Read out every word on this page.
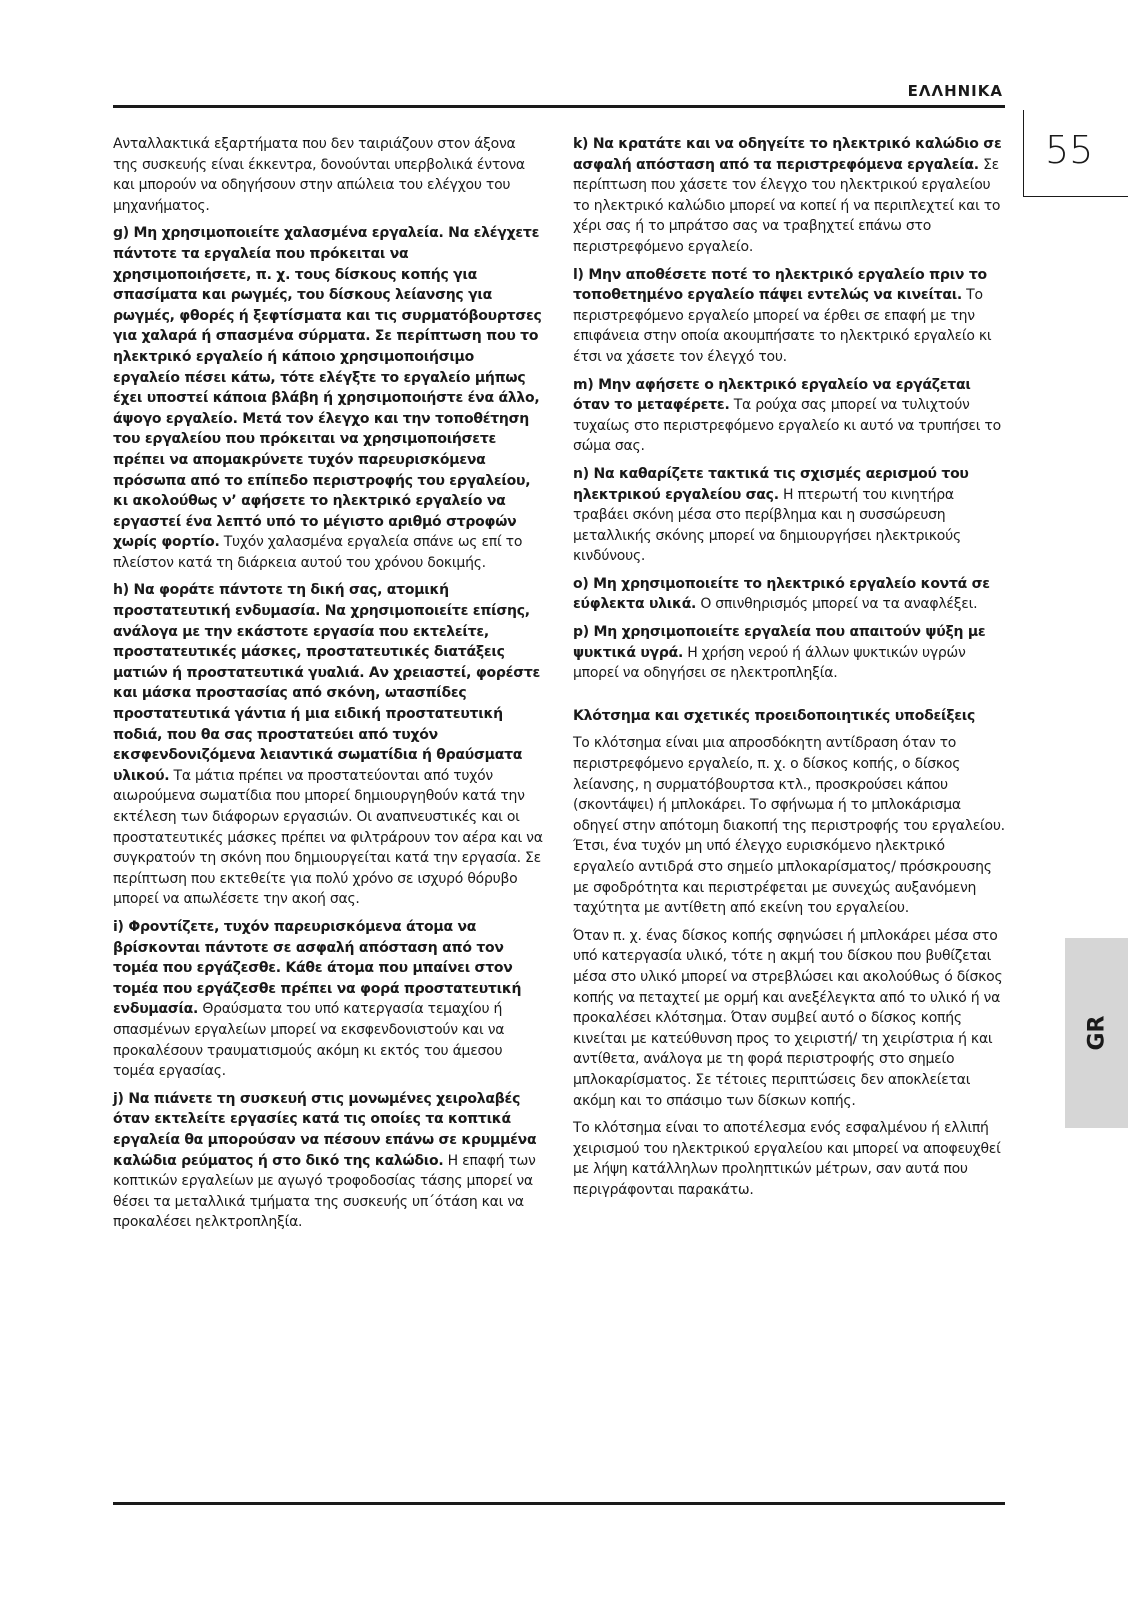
ΕΛΛΗΝΙΚΑ
55
GR

Ανταλλακτικά εξαρτήματα που δεν ταιριάζουν στον άξονα της συσκευής είναι έκκεντρα, δονούνται υπερβολικά έντονα και μπορούν να οδηγήσουν στην απώλεια του ελέγχου του μηχανήματος.

g) Μη χρησιμοποιείτε χαλασμένα εργαλεία. Να ελέγχετε πάντοτε τα εργαλεία που πρόκειται να χρησιμοποιήσετε, π. χ. τους δίσκους κοπής για σπασίματα και ρωγμές, του δίσκους λείανσης για ρωγμές, φθορές ή ξεφτίσματα και τις συρματόβουρτσες για χαλαρά ή σπασμένα σύρματα. Σε περίπτωση που το ηλεκτρικό εργαλείο ή κάποιο χρησιμοποιήσιμο εργαλείο πέσει κάτω, τότε ελέγξτε το εργαλείο μήπως έχει υποστεί κάποια βλάβη ή χρησιμοποιήστε ένα άλλο, άψογο εργαλείο. Μετά τον έλεγχο και την τοποθέτηση του εργαλείου που πρόκειται να χρησιμοποιήσετε πρέπει να απομακρύνετε τυχόν παρευρισκόμενα πρόσωπα από το επίπεδο περιστροφής του εργαλείου, κι ακολούθως ν’ αφήσετε το ηλεκτρικό εργαλείο να εργαστεί ένα λεπτό υπό το μέγιστο αριθμό στροφών χωρίς φορτίο. Τυχόν χαλασμένα εργαλεία σπάνε ως επί το πλείστον κατά τη διάρκεια αυτού του χρόνου δοκιμής.

h) Να φοράτε πάντοτε τη δική σας, ατομική προστατευτική ενδυμασία. Να χρησιμοποιείτε επίσης, ανάλογα με την εκάστοτε εργασία που εκτελείτε, προστατευτικές μάσκες, προστατευτικές διατάξεις ματιών ή προστατευτικά γυαλιά. Αν χρειαστεί, φορέστε και μάσκα προστασίας από σκόνη, ωτασπίδες προστατευτικά γάντια ή μια ειδική προστατευτική ποδιά, που θα σας προστατεύει από τυχόν εκσφενδονιζόμενα λειαντικά σωματίδια ή θραύσματα υλικού. Τα μάτια πρέπει να προστατεύονται από τυχόν αιωρούμενα σωματίδια που μπορεί δημιουργηθούν κατά την εκτέλεση των διάφορων εργασιών. Οι αναπνευστικές και οι προστατευτικές μάσκες πρέπει να φιλτράρουν τον αέρα και να συγκρατούν τη σκόνη που δημιουργείται κατά την εργασία. Σε περίπτωση που εκτεθείτε για πολύ χρόνο σε ισχυρό θόρυβο μπορεί να απωλέσετε την ακοή σας.

i) Φροντίζετε, τυχόν παρευρισκόμενα άτομα να βρίσκονται πάντοτε σε ασφαλή απόσταση από τον τομέα που εργάζεσθε. Κάθε άτομα που μπαίνει στον τομέα που εργάζεσθε πρέπει να φορά προστατευτική ενδυμασία. Θραύσματα του υπό κατεργασία τεμαχίου ή σπασμένων εργαλείων μπορεί να εκσφενδονιστούν και να προκαλέσουν τραυματισμούς ακόμη κι εκτός του άμεσου τομέα εργασίας.

j) Να πιάνετε τη συσκευή στις μονωμένες χειρολαβές όταν εκτελείτε εργασίες κατά τις οποίες τα κοπτικά εργαλεία θα μπορούσαν να πέσουν επάνω σε κρυμμένα καλώδια ρεύματος ή στο δικό της καλώδιο. Η επαφή των κοπτικών εργαλείων με αγωγό τροφοδοσίας τάσης μπορεί να θέσει τα μεταλλικά τμήματα της συσκευής υπ΄ότάση και να προκαλέσει ηελκτροπληξία.

k) Να κρατάτε και να οδηγείτε το ηλεκτρικό καλώδιο σε ασφαλή απόσταση από τα περιστρεφόμενα εργαλεία. Σε περίπτωση που χάσετε τον έλεγχο του ηλεκτρικού εργαλείου το ηλεκτρικό καλώδιο μπορεί να κοπεί ή να περιπλεχτεί και το χέρι σας ή το μπράτσο σας να τραβηχτεί επάνω στο περιστρεφόμενο εργαλείο.

l) Μην αποθέσετε ποτέ το ηλεκτρικό εργαλείο πριν το τοποθετημένο εργαλείο πάψει εντελώς να κινείται. Το περιστρεφόμενο εργαλείο μπορεί να έρθει σε επαφή με την επιφάνεια στην οποία ακουμπήσατε το ηλεκτρικό εργαλείο κι έτσι να χάσετε τον έλεγχό του.

m) Μην αφήσετε ο ηλεκτρικό εργαλείο να εργάζεται όταν το μεταφέρετε. Τα ρούχα σας μπορεί να τυλιχτούν τυχαίως στο περιστρεφόμενο εργαλείο κι αυτό να τρυπήσει το σώμα σας.

n) Να καθαρίζετε τακτικά τις σχισμές αερισμού του ηλεκτρικού εργαλείου σας. Η πτερωτή του κινητήρα τραβάει σκόνη μέσα στο περίβλημα και η συσσώρευση μεταλλικής σκόνης μπορεί να δημιουργήσει ηλεκτρικούς κινδύνους.

o) Μη χρησιμοποιείτε το ηλεκτρικό εργαλείο κοντά σε εύφλεκτα υλικά. Ο σπινθηρισμός μπορεί να τα αναφλέξει.

p) Μη χρησιμοποιείτε εργαλεία που απαιτούν ψύξη με ψυκτικά υγρά. Η χρήση νερού ή άλλων ψυκτικών υγρών μπορεί να οδηγήσει σε ηλεκτροπληξία.

Κλότσημα και σχετικές προειδοποιητικές υποδείξεις

Το κλότσημα είναι μια απροσδόκητη αντίδραση όταν το περιστρεφόμενο εργαλείο, π. χ. ο δίσκος κοπής, ο δίσκος λείανσης, η συρματόβουρτσα κτλ., προσκρούσει κάπου (σκοντάψει) ή μπλοκάρει. Το σφήνωμα ή το μπλοκάρισμα οδηγεί στην απότομη διακοπή της περιστροφής του εργαλείου. Έτσι, ένα τυχόν μη υπό έλεγχο ευρισκόμενο ηλεκτρικό εργαλείο αντιδρά στο σημείο μπλοκαρίσματος/ πρόσκρουσης με σφοδρότητα και περιστρέφεται με συνεχώς αυξανόμενη ταχύτητα με αντίθετη από εκείνη του εργαλείου.

Όταν π. χ. ένας δίσκος κοπής σφηνώσει ή μπλοκάρει μέσα στο υπό κατεργασία υλικό, τότε η ακμή του δίσκου που βυθίζεται μέσα στο υλικό μπορεί να στρεβλώσει και ακολούθως ό δίσκος κοπής να πεταχτεί με ορμή και ανεξέλεγκτα από το υλικό ή να προκαλέσει κλότσημα. Όταν συμβεί αυτό ο δίσκος κοπής κινείται με κατεύθυνση προς το χειριστή/ τη χειρίστρια ή και αντίθετα, ανάλογα με τη φορά περιστροφής στο σημείο μπλοκαρίσματος. Σε τέτοιες περιπτώσεις δεν αποκλείεται ακόμη και το σπάσιμο των δίσκων κοπής.

Το κλότσημα είναι το αποτέλεσμα ενός εσφαλμένου ή ελλιπή χειρισμού του ηλεκτρικού εργαλείου και μπορεί να αποφευχθεί με λήψη κατάλληλων προληπτικών μέτρων, σαν αυτά που περιγράφονται παρακάτω.
